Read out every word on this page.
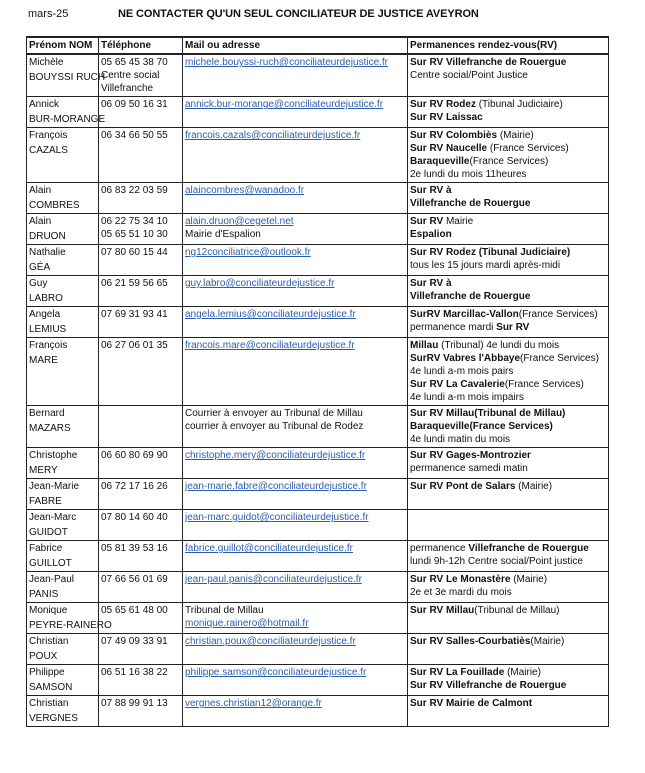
mars-25	NE CONTACTER QU'UN SEUL CONCILIATEUR DE JUSTICE AVEYRON
Prénom NOM	Téléphone	Mail ou adresse	Permanences rendez-vous(RV)

Michèle
BOUYSSI RUCH	05 65 45 38 70
Centre social
Villefranche	michele.bouyssi-ruch@conciliateurdejustice.fr	Sur RV Villefranche de Rouergue
Centre social/Point Justice

Annick
BUR-MORANGE	06 09 50 16 31	annick.bur-morange@conciliateurdejustice.fr	Sur RV Rodez (Tibunal Judiciaire)
Sur RV Laissac

François
CAZALS	06 34 66 50 55	francois.cazals@conciliateurdejustice.fr	Sur RV Colombiès (Mairie)
Sur RV Naucelle (France Services)
Baraqueville(France Services)
2e lundi du mois 11heures

Alain
COMBRES	06 83 22 03 59	alaincombres@wanadoo.fr	Sur RV à
Villefranche de Rouergue

Alain
DRUON	06 22 75 34 10
05 65 51 10 30	alain.druon@cegetel.net
Mairie d'Espalion	Sur RV Mairie
Espalion

Nathalie
GÉA	07 80 60 15 44	ng12conciliatrice@outlook.fr	Sur RV Rodez (Tibunal Judiciaire)
tous les 15 jours mardi après-midi

Guy
LABRO	06 21 59 56 65	guy.labro@conciliateurdejustice.fr	Sur RV à
Villefranche de Rouergue

Angela
LEMIUS	07 69 31 93 41	angela.lemius@conciliateurdejustice.fr	SurRV Marcillac-Vallon(France Services)
permanence mardi Sur RV

François
MARE	06 27 06 01 35	francois.mare@conciliateurdejustice.fr	Millau (Tribunal) 4e lundi du mois
SurRV Vabres l'Abbaye(France Services)
4e lundi a-m mois pairs
Sur RV La Cavalerie(France Services)
4e lundi a-m mois impairs

Bernard
MAZARS		Courrier à envoyer au Tribunal de Millau
courrier à envoyer au Tribunal de Rodez	Sur RV Millau(Tribunal de Millau)
Baraqueville(France Services)
4e lundi matin du mois

Christophe
MERY	06 60 80 69 90	christophe.mery@conciliateurdejustice.fr	Sur RV Gages-Montrozier
permanence samedi matin

Jean-Marie
FABRE	06 72 17 16 26	jean-marie.fabre@conciliateurdejustice.fr	Sur RV Pont de Salars (Mairie)

Jean-Marc
GUIDOT	07 80 14 60 40	jean-marc.guidot@conciliateurdejustice.fr	

Fabrice
GUILLOT	05 81 39 53 16	fabrice.guillot@conciliateurdejustice.fr	permanence Villefranche de Rouergue
lundi 9h-12h Centre social/Point justice

Jean-Paul
PANIS	07 66 56 01 69	jean-paul.panis@conciliateurdejustice.fr	Sur RV Le Monastère (Mairie)
2e et 3e mardi du mois

Monique
PEYRE-RAINERO	05 65 61 48 00	Tribunal de Millau
monique.rainero@hotmail.fr	Sur RV Millau(Tribunal de Millau)

Christian
POUX	07 49 09 33 91	christian.poux@conciliateurdejustice.fr	Sur RV Salles-Courbatiès(Mairie)

Philippe
SAMSON	06 51 16 38 22	philippe.samson@conciliateurdejustice.fr	Sur RV La Fouillade (Mairie)
Sur RV Villefranche de Rouergue

Christian
VERGNES	07 88 99 91 13	vergnes.christian12@orange.fr	Sur RV Mairie de Calmont
